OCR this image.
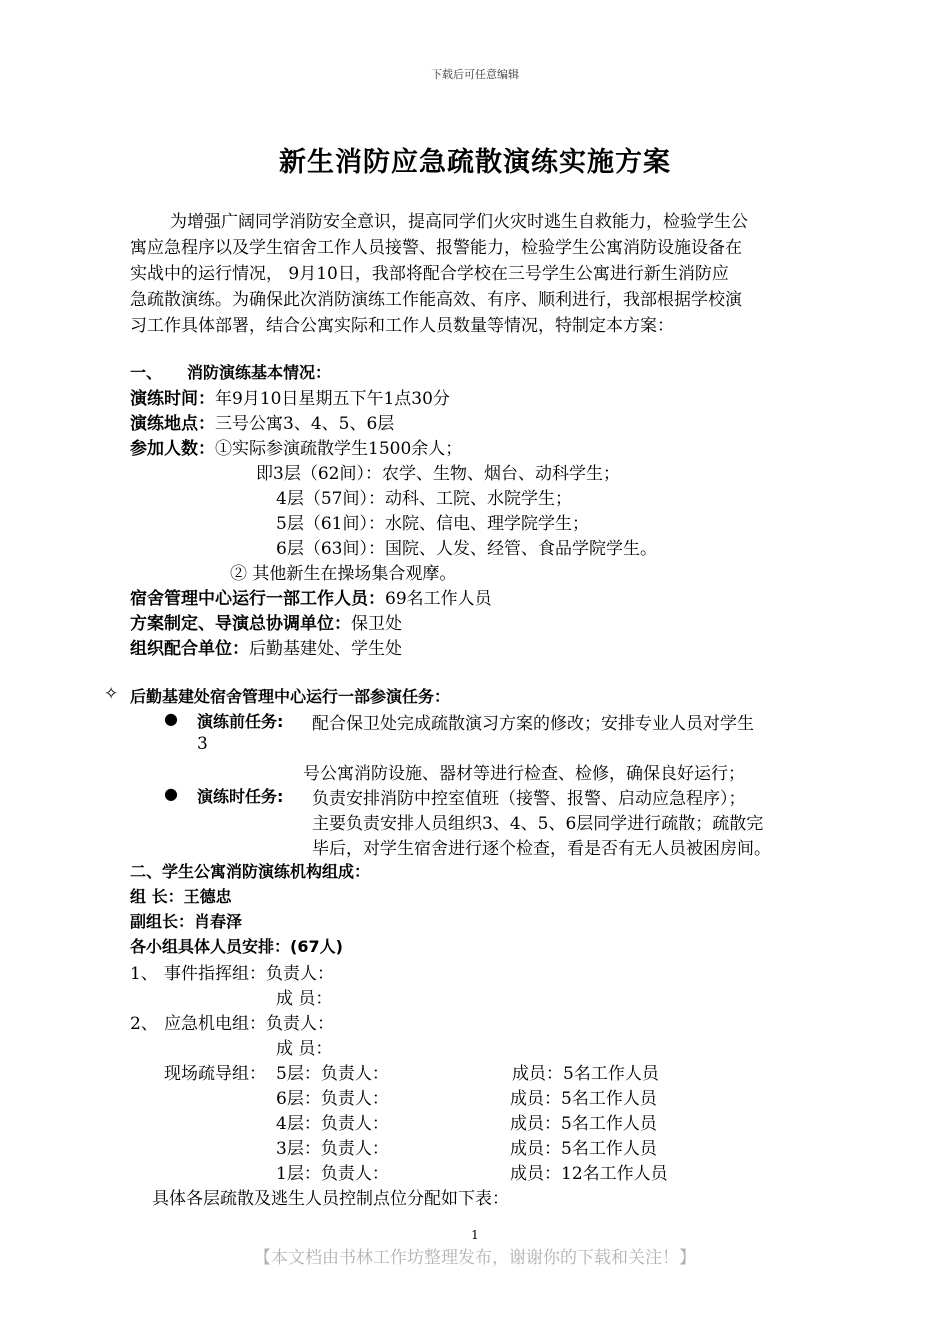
下载后可任意编辑
新生消防应急疏散演练实施方案
为增强广阔同学消防安全意识，提高同学们火灾时逃生自救能力，检验学生公
寓应急程序以及学生宿舍工作人员接警、报警能力，检验学生公寓消防设施设备在
实战中的运行情况， 9月10日，我部将配合学校在三号学生公寓进行新生消防应
急疏散演练。为确保此次消防演练工作能高效、有序、顺利进行，我部根据学校演
习工作具体部署，结合公寓实际和工作人员数量等情况，特制定本方案：
一、	消防演练基本情况：
演练时间：年9月10日星期五下午1点30分
演练地点：三号公寓3、4、5、6层
参加人数：①实际参演疏散学生1500余人；
即3层（62间）：农学、生物、烟台、动科学生；
4层（57间）：动科、工院、水院学生；
5层（61间）：水院、信电、理学院学生；
6层（63间）：国院、人发、经管、食品学院学生。
② 其他新生在操场集合观摩。
宿舍管理中心运行一部工作人员：69名工作人员
方案制定、导演总协调单位：保卫处
组织配合单位：后勤基建处、学生处
✧ 后勤基建处宿舍管理中心运行一部参演任务：
● 演练前任务: 配合保卫处完成疏散演习方案的修改；安排专业人员对学生
3
号公寓消防设施、器材等进行检查、检修，确保良好运行；
● 演练时任务: 负责安排消防中控室值班（接警、报警、启动应急程序）；
主要负责安排人员组织3、4、5、6层同学进行疏散；疏散完
毕后，对学生宿舍进行逐个检查，看是否有无人员被困房间。
二、学生公寓消防演练机构组成：
组 长：王德忠
副组长：肖春泽
各小组具体人员安排：(67人)
1、 事件指挥组：负责人：
成 员：
2、 应急机电组：负责人：
成 员：
现场疏导组： 5层：负责人：	成员：5名工作人员
6层：负责人：	成员：5名工作人员
4层：负责人：	成员：5名工作人员
3层：负责人：	成员：5名工作人员
1层：负责人：	成员：12名工作人员
具体各层疏散及逃生人员控制点位分配如下表：
1
【本文档由书林工作坊整理发布，谢谢你的下载和关注！】
